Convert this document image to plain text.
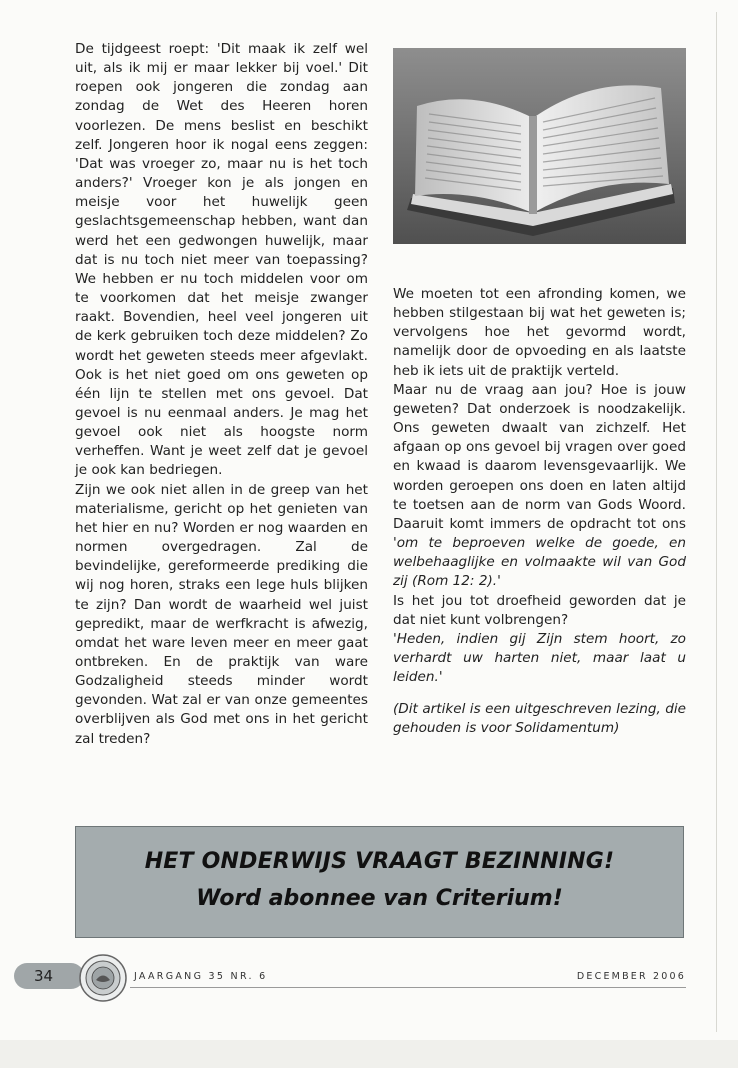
De tijdgeest roept: 'Dit maak ik zelf wel uit, als ik mij er maar lekker bij voel.' Dit roepen ook jongeren die zondag aan zondag de Wet des Heeren horen voorlezen. De mens beslist en beschikt zelf. Jongeren hoor ik nogal eens zeggen: 'Dat was vroeger zo, maar nu is het toch anders?' Vroeger kon je als jongen en meisje voor het huwelijk geen geslachtsgemeenschap hebben, want dan werd het een gedwongen huwelijk, maar dat is nu toch niet meer van toepassing? We hebben er nu toch middelen voor om te voorkomen dat het meisje zwanger raakt. Bovendien, heel veel jongeren uit de kerk gebruiken toch deze middelen? Zo wordt het geweten steeds meer afgevlakt. Ook is het niet goed om ons geweten op één lijn te stellen met ons gevoel. Dat gevoel is nu eenmaal anders. Je mag het gevoel ook niet als hoogste norm verheffen. Want je weet zelf dat je gevoel je ook kan bedriegen.

Zijn we ook niet allen in de greep van het materialisme, gericht op het genieten van het hier en nu? Worden er nog waarden en normen overgedragen. Zal de bevindelijke, gereformeerde prediking die wij nog horen, straks een lege huls blijken te zijn? Dan wordt de waarheid wel juist gepredikt, maar de werfkracht is afwezig, omdat het ware leven meer en meer gaat ontbreken. En de praktijk van ware Godzaligheid steeds minder wordt gevonden. Wat zal er van onze gemeentes overblijven als God met ons in het gericht zal treden?

We moeten tot een afronding komen, we hebben stilgestaan bij wat het geweten is; vervolgens hoe het gevormd wordt, namelijk door de opvoeding en als laatste heb ik iets uit de praktijk verteld.

Maar nu de vraag aan jou? Hoe is jouw geweten? Dat onderzoek is noodzakelijk. Ons geweten dwaalt van zichzelf. Het afgaan op ons gevoel bij vragen over goed en kwaad is daarom levensgevaarlijk. We worden geroepen ons doen en laten altijd te toetsen aan de norm van Gods Woord. Daaruit komt immers de opdracht tot ons 'om te beproeven welke de goede, en welbehaaglijke en volmaakte wil van God zij (Rom 12: 2).'

Is het jou tot droefheid geworden dat je dat niet kunt volbrengen?

'Heden, indien gij Zijn stem hoort, zo verhardt uw harten niet, maar laat u leiden.'

(Dit artikel is een uitgeschreven lezing, die gehouden is voor Solidamentum)

HET ONDERWIJS VRAAGT BEZINNING!
Word abonnee van Criterium!
34	JAARGANG 35 NR. 6	DECEMBER 2006
